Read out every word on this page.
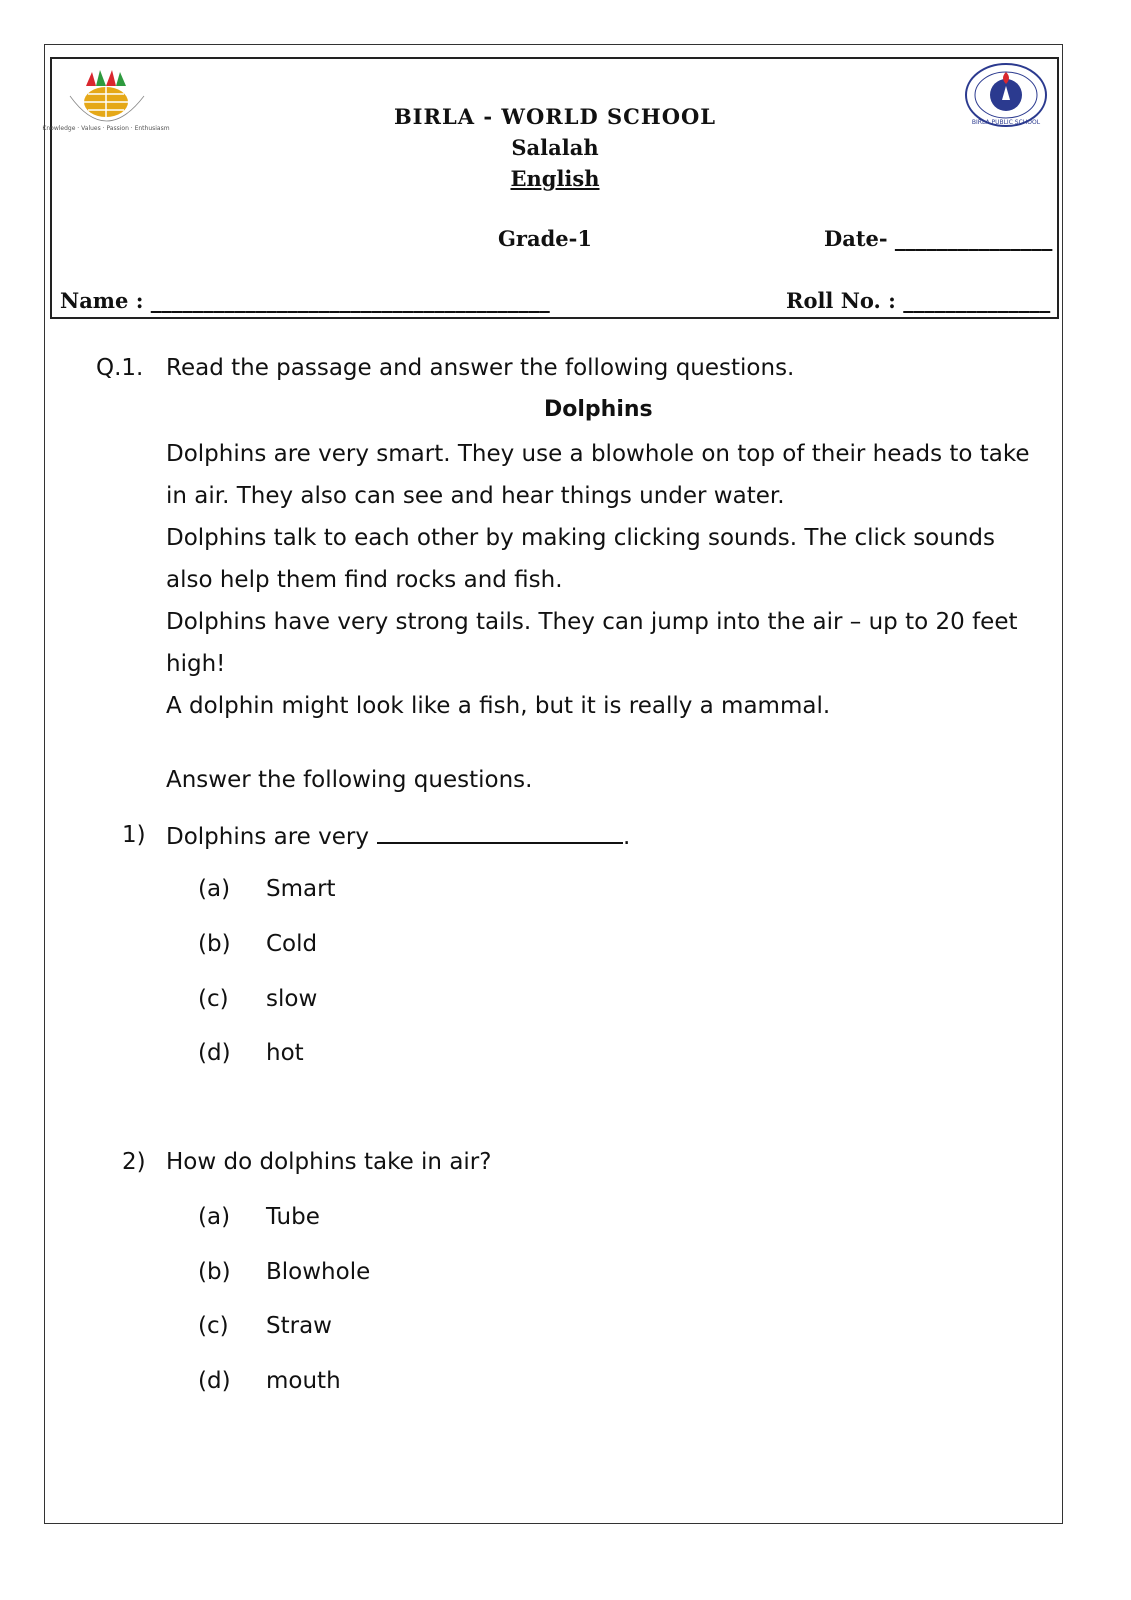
Knowledge · Values · Passion · Enthusiasm
BIRLA PUBLIC SCHOOL
BIRLA - WORLD SCHOOL
Salalah
English
Grade-1	Date- _______________
Name : ______________________________________	Roll No. : ______________
Q.1. Read the passage and answer the following questions.
Dolphins
Dolphins are very smart. They use a blowhole on top of their heads to take in air. They also can see and hear things under water.
Dolphins talk to each other by making clicking sounds. The click sounds also help them find rocks and fish.
Dolphins have very strong tails. They can jump into the air – up to 20 feet high!
A dolphin might look like a fish, but it is really a mammal.
Answer the following questions.
1) Dolphins are very	.
(a) Smart
(b) Cold
(c) slow
(d) hot
2) How do dolphins take in air?
(a) Tube
(b) Blowhole
(c) Straw
(d) mouth
